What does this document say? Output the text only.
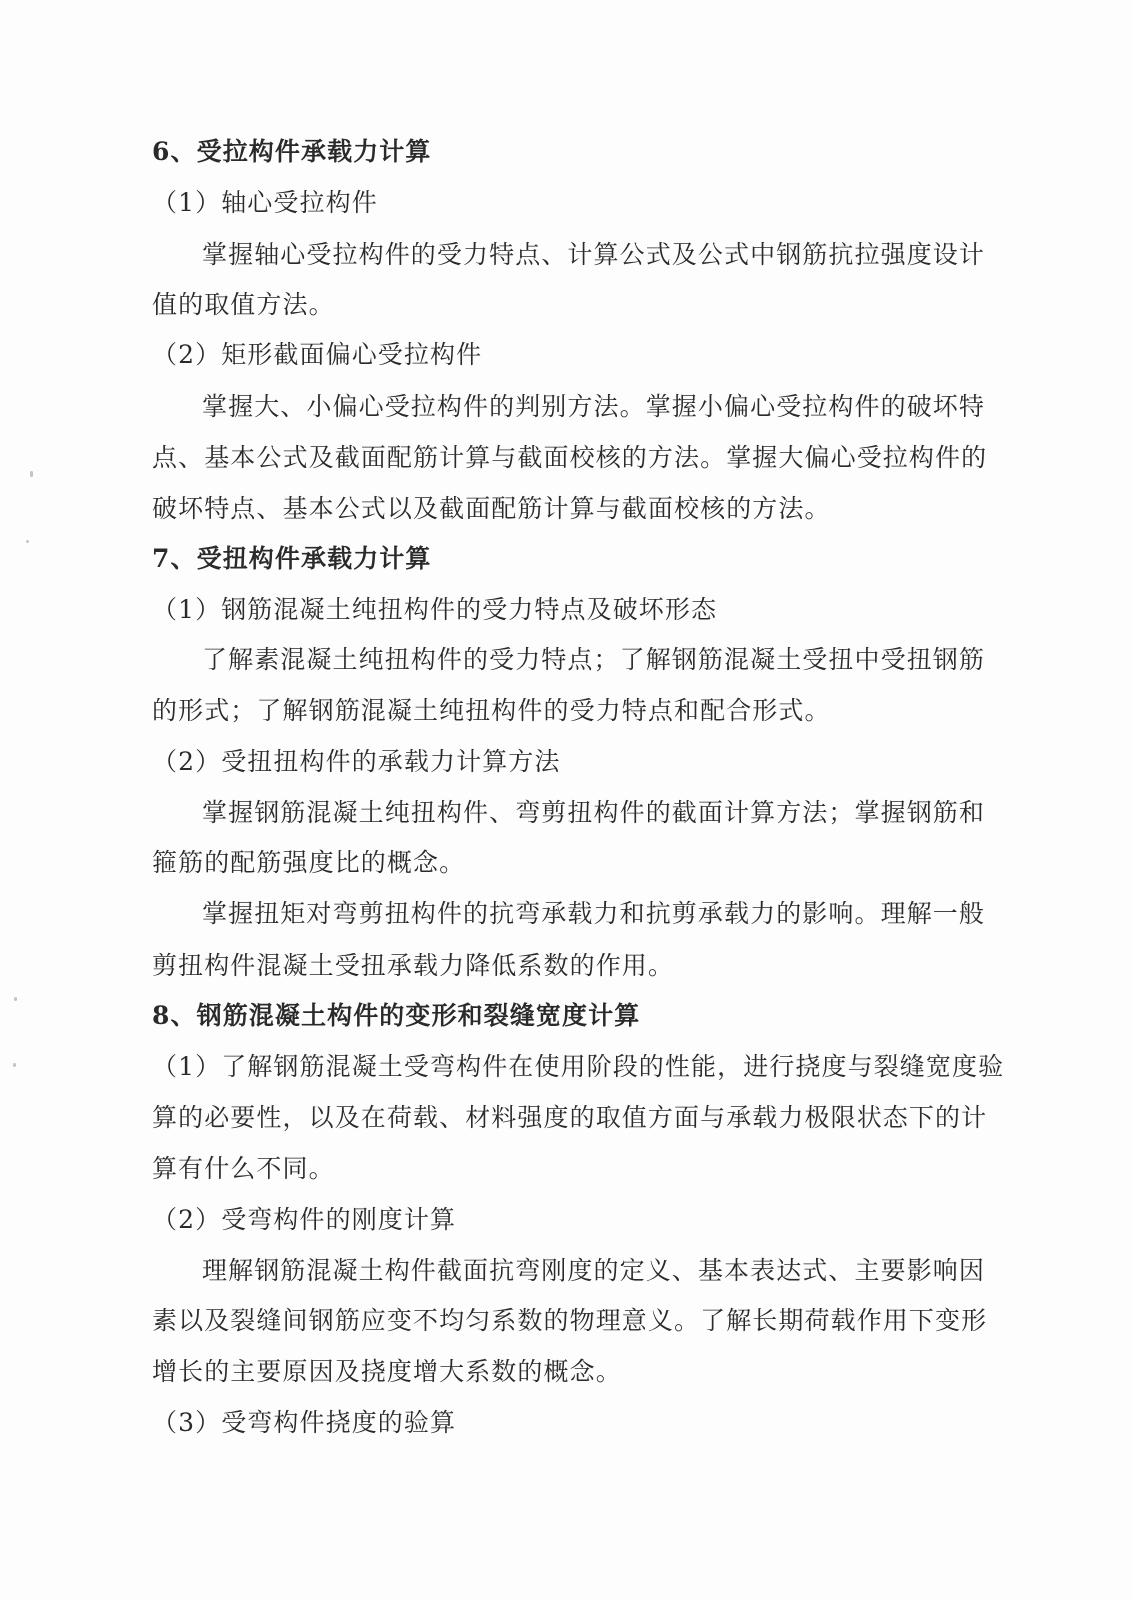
6、受拉构件承载力计算
（1）轴心受拉构件
掌握轴心受拉构件的受力特点、计算公式及公式中钢筋抗拉强度设计
值的取值方法。
（2）矩形截面偏心受拉构件
掌握大、小偏心受拉构件的判别方法。掌握小偏心受拉构件的破坏特
点、基本公式及截面配筋计算与截面校核的方法。掌握大偏心受拉构件的
破坏特点、基本公式以及截面配筋计算与截面校核的方法。
7、受扭构件承载力计算
（1）钢筋混凝土纯扭构件的受力特点及破坏形态
了解素混凝土纯扭构件的受力特点；了解钢筋混凝土受扭中受扭钢筋
的形式；了解钢筋混凝土纯扭构件的受力特点和配合形式。
（2）受扭扭构件的承载力计算方法
掌握钢筋混凝土纯扭构件、弯剪扭构件的截面计算方法；掌握钢筋和
箍筋的配筋强度比的概念。
掌握扭矩对弯剪扭构件的抗弯承载力和抗剪承载力的影响。理解一般
剪扭构件混凝土受扭承载力降低系数的作用。
8、钢筋混凝土构件的变形和裂缝宽度计算
（1）了解钢筋混凝土受弯构件在使用阶段的性能，进行挠度与裂缝宽度验
算的必要性，以及在荷载、材料强度的取值方面与承载力极限状态下的计
算有什么不同。
（2）受弯构件的刚度计算
理解钢筋混凝土构件截面抗弯刚度的定义、基本表达式、主要影响因
素以及裂缝间钢筋应变不均匀系数的物理意义。了解长期荷载作用下变形
增长的主要原因及挠度增大系数的概念。
（3）受弯构件挠度的验算
